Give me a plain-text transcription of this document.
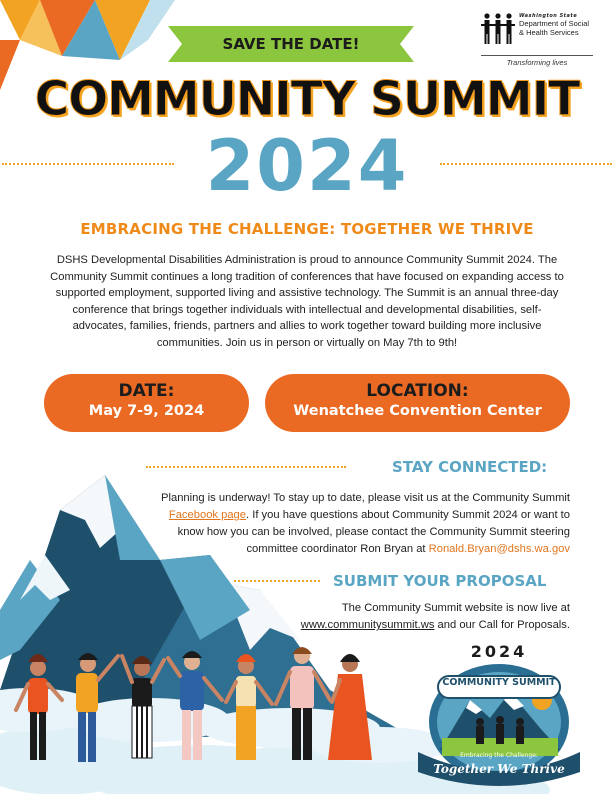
SAVE THE DATE!
Washington State
Department of Social & Health Services
Transforming lives
COMMUNITY SUMMIT
2024
EMBRACING THE CHALLENGE: TOGETHER WE THRIVE
DSHS Developmental Disabilities Administration is proud to announce Community Summit 2024. The Community Summit continues a long tradition of conferences that have focused on expanding access to supported employment, supported living and assistive technology. The Summit is an annual three-day conference that brings together individuals with intellectual and developmental disabilities, self-advocates, families, friends, partners and allies to work together toward building more inclusive communities. Join us in person or virtually on May 7th to 9th!
DATE:
May 7-9, 2024
LOCATION:
Wenatchee Convention Center
STAY CONNECTED:
Planning is underway! To stay up to date, please visit us at the Community Summit Facebook page. If you have questions about Community Summit 2024 or want to know how you can be involved, please contact the Community Summit steering committee coordinator Ron Bryan at Ronald.Bryan@dshs.wa.gov
SUBMIT YOUR PROPOSAL
The Community Summit website is now live at www.communitysummit.ws and our Call for Proposals.
2024
COMMUNITY SUMMIT
Embracing the Challenge:
Together We Thrive
